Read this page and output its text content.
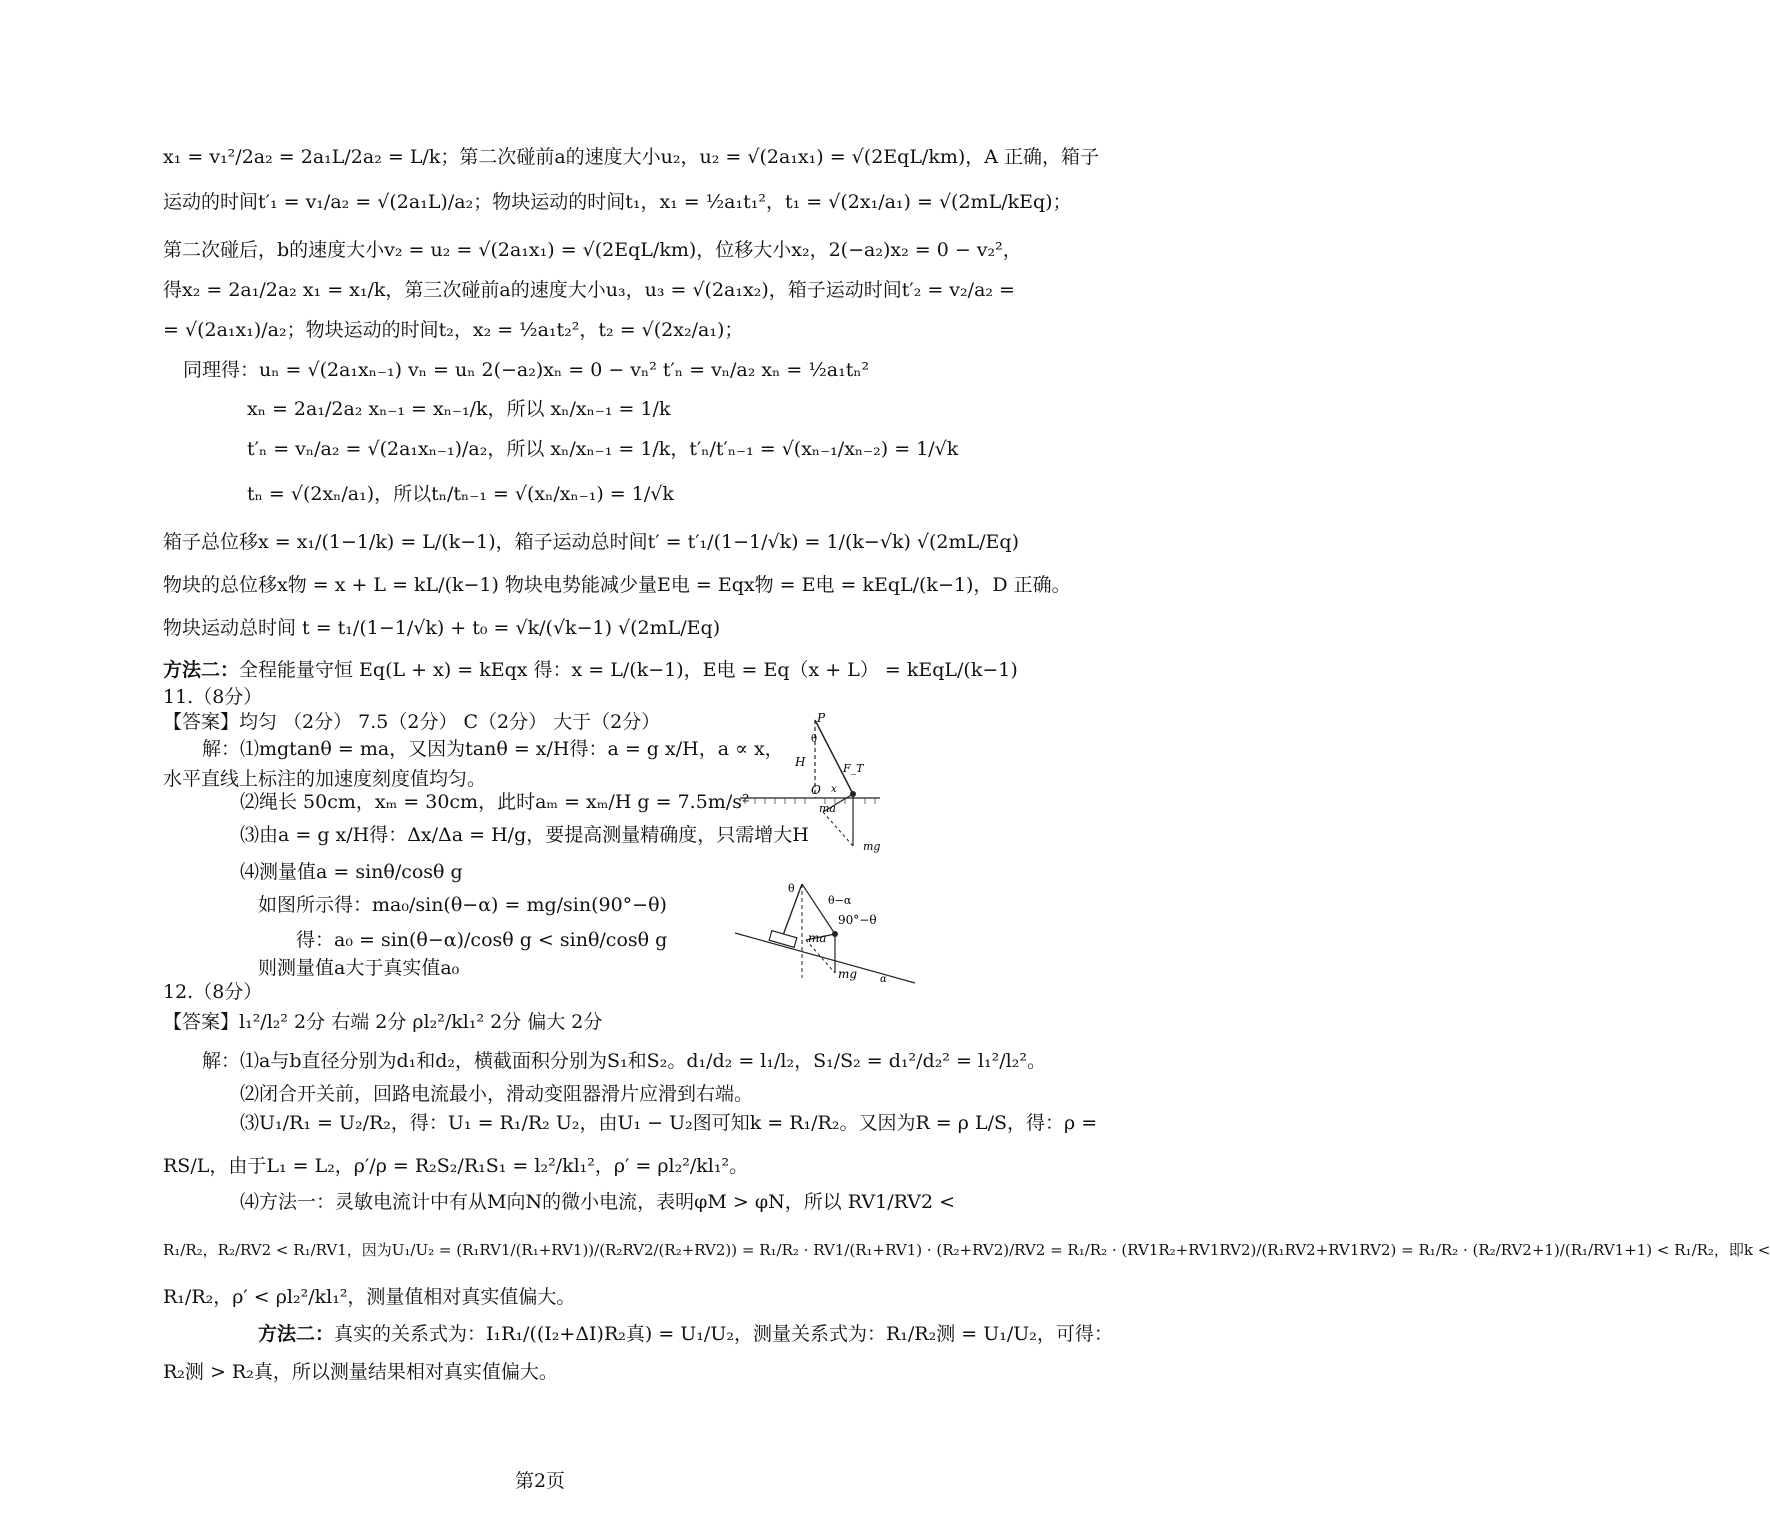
x₁ = v₁²/2a₂ = 2a₁L/2a₂ = L/k；第二次碰前a的速度大小u₂，u₂ = √(2a₁x₁) = √(2EqL/km)，A 正确，箱子
运动的时间t′₁ = v₁/a₂ = √(2a₁L)/a₂；物块运动的时间t₁，x₁ = ½a₁t₁²，t₁ = √(2x₁/a₁) = √(2mL/kEq)；
第二次碰后，b的速度大小v₂ = u₂ = √(2a₁x₁) = √(2EqL/km)，位移大小x₂，2(−a₂)x₂ = 0 − v₂²，
得x₂ = 2a₁/2a₂ x₁ = x₁/k，第三次碰前a的速度大小u₃，u₃ = √(2a₁x₂)，箱子运动时间t′₂ = v₂/a₂ =
= √(2a₁x₁)/a₂；物块运动的时间t₂，x₂ = ½a₁t₂²，t₂ = √(2x₂/a₁)；
同理得：uₙ = √(2a₁xₙ₋₁) vₙ = uₙ 2(−a₂)xₙ = 0 − vₙ² t′ₙ = vₙ/a₂ xₙ = ½a₁tₙ²
xₙ = 2a₁/2a₂ xₙ₋₁ = xₙ₋₁/k，所以 xₙ/xₙ₋₁ = 1/k
t′ₙ = vₙ/a₂ = √(2a₁xₙ₋₁)/a₂，所以 xₙ/xₙ₋₁ = 1/k，t′ₙ/t′ₙ₋₁ = √(xₙ₋₁/xₙ₋₂) = 1/√k
tₙ = √(2xₙ/a₁)，所以tₙ/tₙ₋₁ = √(xₙ/xₙ₋₁) = 1/√k
箱子总位移x = x₁/(1−1/k) = L/(k−1)，箱子运动总时间t′ = t′₁/(1−1/√k) = 1/(k−√k) √(2mL/Eq)
物块的总位移x物 = x + L = kL/(k−1) 物块电势能减少量E电 = Eqx物 = E电 = kEqL/(k−1)，D 正确。
物块运动总时间 t = t₁/(1−1/√k) + t₀ = √k/(√k−1) √(2mL/Eq)
方法二：全程能量守恒 Eq(L + x) = kEqx 得：x = L/(k−1)，E电 = Eq（x + L） = kEqL/(k−1)
11.（8分）
【答案】均匀 （2分） 7.5（2分） C（2分） 大于（2分）
解：⑴mgtanθ = ma，又因为tanθ = x/H得：a = g x/H，a ∝ x，
水平直线上标注的加速度刻度值均匀。
⑵绳长 50cm，xₘ = 30cm，此时aₘ = xₘ/H g = 7.5m/s²
⑶由a = g x/H得：Δx/Δa = H/g，要提高测量精确度，只需增大H
⑷测量值a = sinθ/cosθ g
如图所示得：ma₀/sin(θ−α) = mg/sin(90°−θ)
得：a₀ = sin(θ−α)/cosθ g < sinθ/cosθ g
则测量值a大于真实值a₀
P
θ
H	F_T
O x
ma
mg
θ
θ−α
90°−θ
ma
mg α
12.（8分）
【答案】l₁²/l₂² 2分 右端 2分 ρl₂²/kl₁² 2分 偏大 2分
解：⑴a与b直径分别为d₁和d₂，横截面积分别为S₁和S₂。d₁/d₂ = l₁/l₂，S₁/S₂ = d₁²/d₂² = l₁²/l₂²。
⑵闭合开关前，回路电流最小，滑动变阻器滑片应滑到右端。
⑶U₁/R₁ = U₂/R₂，得：U₁ = R₁/R₂ U₂，由U₁ − U₂图可知k = R₁/R₂。又因为R = ρ L/S，得：ρ =
RS/L，由于L₁ = L₂，ρ′/ρ = R₂S₂/R₁S₁ = l₂²/kl₁²，ρ′ = ρl₂²/kl₁²。
⑷方法一：灵敏电流计中有从M向N的微小电流，表明φM > φN，所以 RV1/RV2 <
R₁/R₂，R₂/RV2 < R₁/RV1，因为U₁/U₂ = (R₁RV1/(R₁+RV1))/(R₂RV2/(R₂+RV2)) = R₁/R₂ · RV1/(R₁+RV1) · (R₂+RV2)/RV2 = R₁/R₂ · (RV1R₂+RV1RV2)/(R₁RV2+RV1RV2) = R₁/R₂ · (R₂/RV2+1)/(R₁/RV1+1) < R₁/R₂，即k <
R₁/R₂，ρ′ < ρl₂²/kl₁²，测量值相对真实值偏大。
方法二：真实的关系式为：I₁R₁/((I₂+ΔI)R₂真) = U₁/U₂，测量关系式为：R₁/R₂测 = U₁/U₂，可得：
R₂测 > R₂真，所以测量结果相对真实值偏大。
第2页
